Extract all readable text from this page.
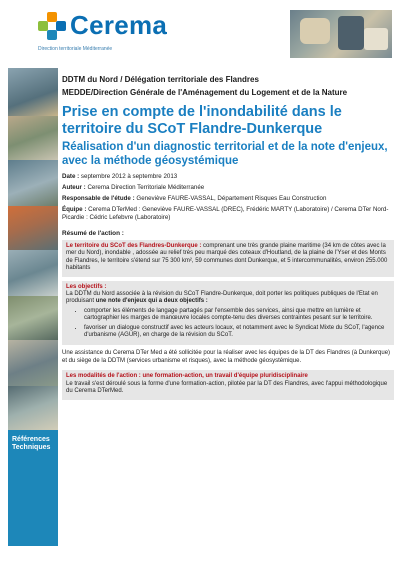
Cerema
Direction territoriale Méditerranée
Références Techniques
DDTM du Nord / Délégation territoriale des Flandres
MEDDE/Direction Générale de l'Aménagement du Logement et de la Nature
Prise en compte de l'inondabilité dans le territoire du SCoT Flandre-Dunkerque
Réalisation d'un diagnostic territorial et de la note d'enjeux, avec la méthode géosystémique
Date : septembre 2012 à septembre 2013
Auteur : Cerema Direction Territoriale Méditerranée
Responsable de l'étude : Geneviève FAURE-VASSAL, Département Risques Eau Construction
Équipe : Cerema DTerMed : Geneviève FAURE-VASSAL (DREC), Frédéric MARTY (Laboratoire) / Cerema DTer Nord-Picardie : Cédric Lefebvre (Laboratoire)
Résumé de l'action :

Le territoire du SCoT des Flandres-Dunkerque : comprenant une très grande plaine maritime (34 km de côtes avec la mer du Nord), inondable , adossée au relief très peu marqué des coteaux d'Houtland, de la plaine de l'Yser et des Monts de Flandres, le territoire s'étend sur 75 300 km², 59 communes dont Dunkerque, et 5 intercommunalités, environ 255.000 habitants

Les objectifs :

La DDTM du Nord associée à la révision du SCoT Flandre-Dunkerque, doit porter les politiques publiques de l'Etat en produisant une note d'enjeux qui a deux objectifs :

• comporter les éléments de langage partagés par l'ensemble des services, ainsi que mettre en lumière et cartographier les marges de manœuvre locales compte-tenu des diverses contraintes pesant sur le territoire.
• favoriser un dialogue constructif avec les acteurs locaux, et notamment avec le Syndicat Mixte du SCoT, l'agence d'urbanisme (AGUR), en charge de la révision du SCoT.
Une assistance du Cerema DTer Med a été sollicitée pour la réaliser avec les équipes de la DT des Flandres (à Dunkerque) et du siège de la DDTM (services urbanisme et risques), avec la méthode géosystémique.

Les modalités de l'action : une formation-action, un travail d'équipe pluridisciplinaire

Le travail s'est déroulé sous la forme d'une formation-action, pilotée par la DT des Flandres, avec l'appui méthodologique du Cerema DTerMed.
